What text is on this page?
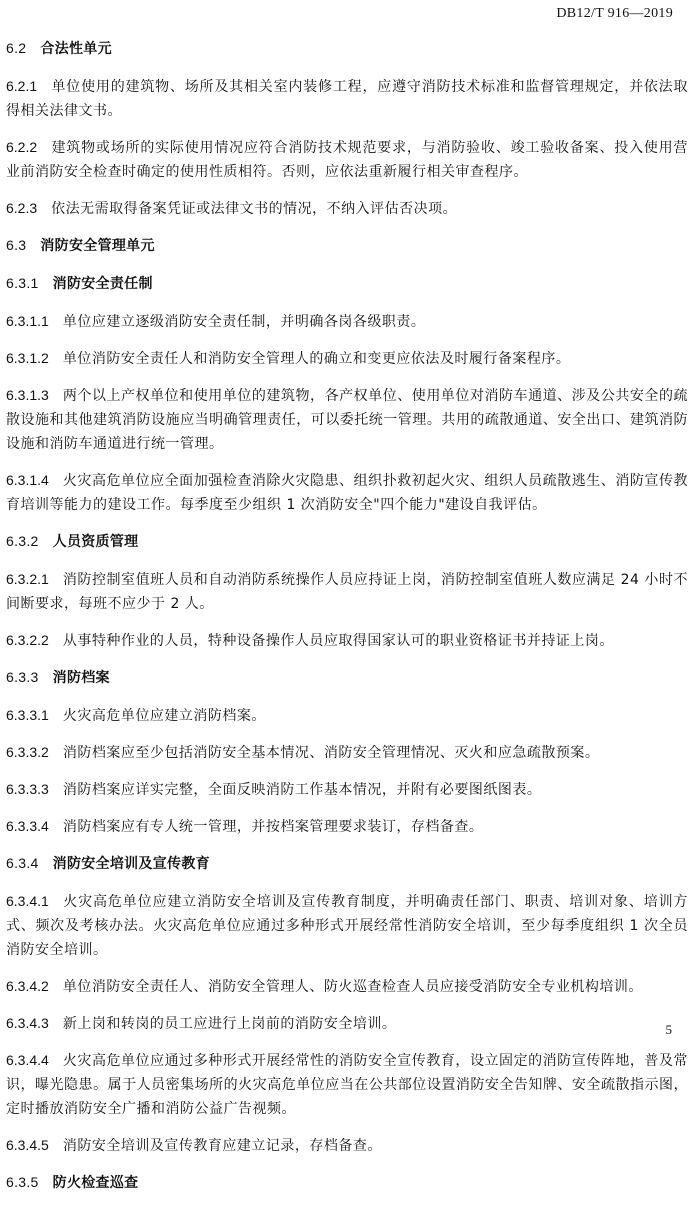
DB12/T 916—2019
6.2 合法性单元
6.2.1 单位使用的建筑物、场所及其相关室内装修工程，应遵守消防技术标准和监督管理规定，并依法取得相关法律文书。
6.2.2 建筑物或场所的实际使用情况应符合消防技术规范要求，与消防验收、竣工验收备案、投入使用营业前消防安全检查时确定的使用性质相符。否则，应依法重新履行相关审查程序。
6.2.3 依法无需取得备案凭证或法律文书的情况，不纳入评估否决项。
6.3 消防安全管理单元
6.3.1 消防安全责任制
6.3.1.1 单位应建立逐级消防安全责任制，并明确各岗各级职责。
6.3.1.2 单位消防安全责任人和消防安全管理人的确立和变更应依法及时履行备案程序。
6.3.1.3 两个以上产权单位和使用单位的建筑物，各产权单位、使用单位对消防车通道、涉及公共安全的疏散设施和其他建筑消防设施应当明确管理责任，可以委托统一管理。共用的疏散通道、安全出口、建筑消防设施和消防车通道进行统一管理。
6.3.1.4 火灾高危单位应全面加强检查消除火灾隐患、组织扑救初起火灾、组织人员疏散逃生、消防宣传教育培训等能力的建设工作。每季度至少组织 1 次消防安全"四个能力"建设自我评估。
6.3.2 人员资质管理
6.3.2.1 消防控制室值班人员和自动消防系统操作人员应持证上岗，消防控制室值班人数应满足 24 小时不间断要求，每班不应少于 2 人。
6.3.2.2 从事特种作业的人员，特种设备操作人员应取得国家认可的职业资格证书并持证上岗。
6.3.3 消防档案
6.3.3.1 火灾高危单位应建立消防档案。
6.3.3.2 消防档案应至少包括消防安全基本情况、消防安全管理情况、灭火和应急疏散预案。
6.3.3.3 消防档案应详实完整，全面反映消防工作基本情况，并附有必要图纸图表。
6.3.3.4 消防档案应有专人统一管理，并按档案管理要求装订，存档备查。
6.3.4 消防安全培训及宣传教育
6.3.4.1 火灾高危单位应建立消防安全培训及宣传教育制度，并明确责任部门、职责、培训对象、培训方式、频次及考核办法。火灾高危单位应通过多种形式开展经常性消防安全培训，至少每季度组织 1 次全员消防安全培训。
6.3.4.2 单位消防安全责任人、消防安全管理人、防火巡查检查人员应接受消防安全专业机构培训。
6.3.4.3 新上岗和转岗的员工应进行上岗前的消防安全培训。
6.3.4.4 火灾高危单位应通过多种形式开展经常性的消防安全宣传教育，设立固定的消防宣传阵地，普及常识，曝光隐患。属于人员密集场所的火灾高危单位应当在公共部位设置消防安全告知牌、安全疏散指示图，定时播放消防安全广播和消防公益广告视频。
6.3.4.5 消防安全培训及宣传教育应建立记录，存档备查。
6.3.5 防火检查巡查
5
